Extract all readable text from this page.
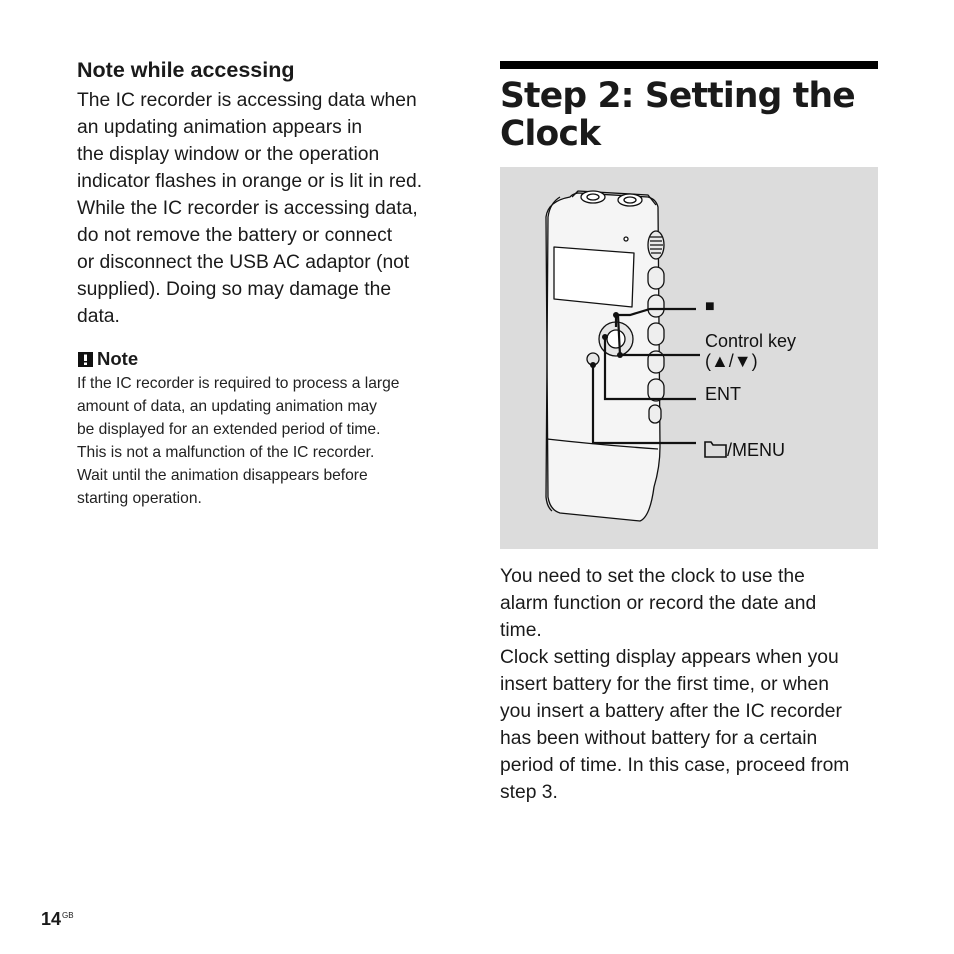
Note while accessing

The IC recorder is accessing data when
an updating animation appears in
the display window or the operation
indicator flashes in orange or is lit in red.
While the IC recorder is accessing data,
do not remove the battery or connect
or disconnect the USB AC adaptor (not
supplied). Doing so may damage the
data.

Note

If the IC recorder is required to process a large
amount of data, an updating animation may
be displayed for an extended period of time.
This is not a malfunction of the IC recorder.
Wait until the animation disappears before
starting operation.

Step 2: Setting the
Clock
■
Control key
(▲/▼)
ENT
/MENU

You need to set the clock to use the
alarm function or record the date and
time.
Clock setting display appears when you
insert battery for the first time, or when
you insert a battery after the IC recorder
has been without battery for a certain
period of time. In this case, proceed from
step 3.

$14^{GB}$
